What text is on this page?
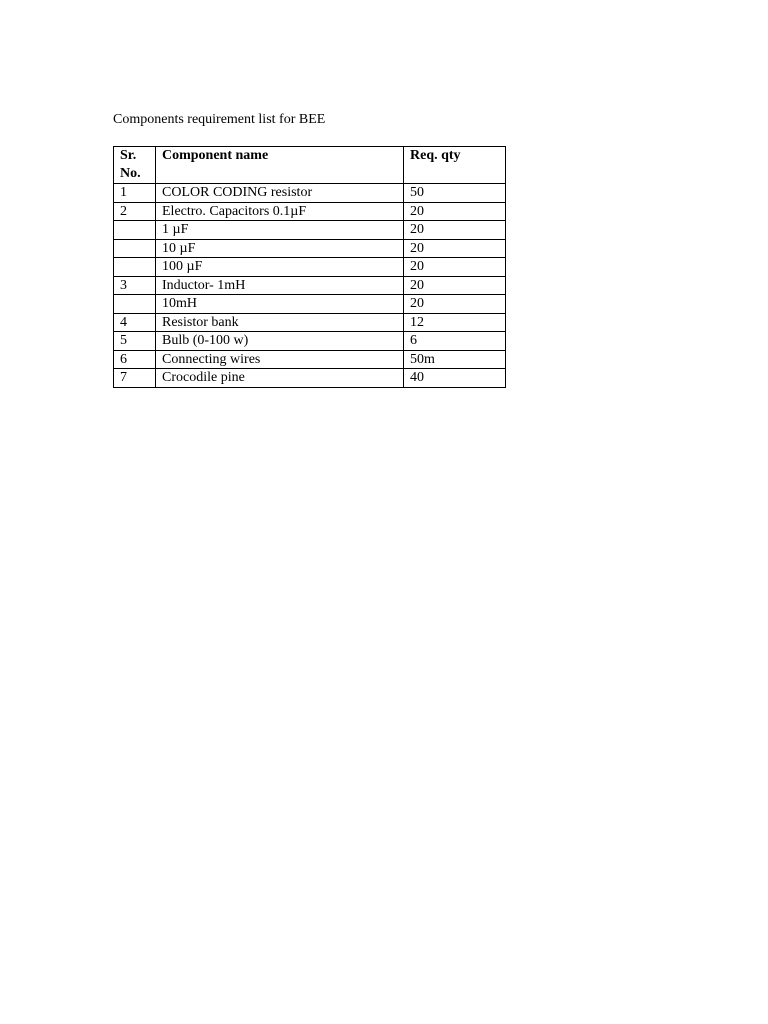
Components requirement list for BEE
Sr.
No.	Component name	Req. qty
1	COLOR CODING resistor	50
2	Electro. Capacitors 0.1µF	20
	1 µF	20
	10 µF	20
	100 µF	20
3	Inductor- 1mH	20
	10mH	20
4	Resistor bank	12
5	Bulb (0-100 w)	6
6	Connecting wires	50m
7	Crocodile pine	40
